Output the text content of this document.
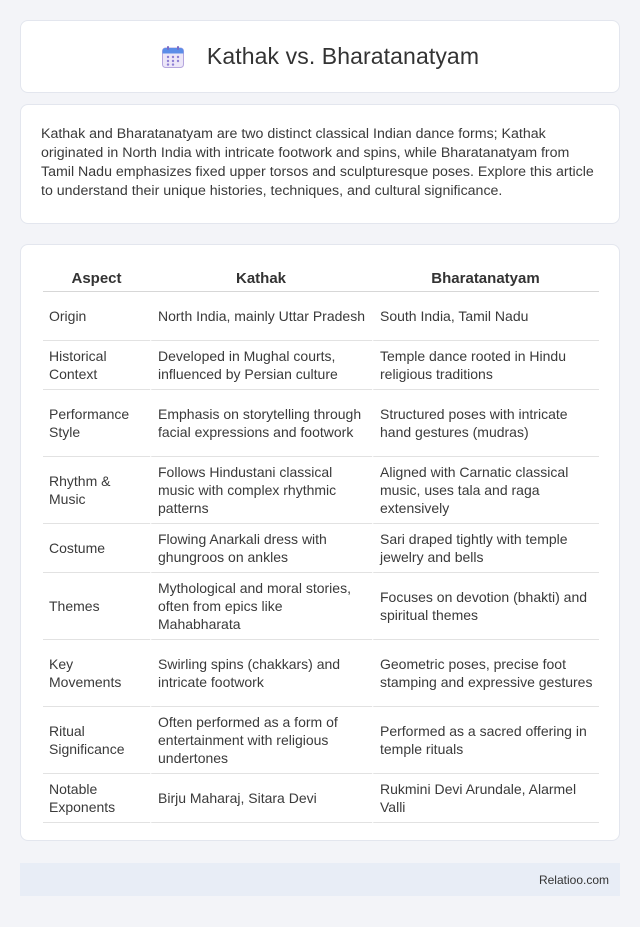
Kathak vs. Bharatanatyam

Kathak and Bharatanatyam are two distinct classical Indian dance forms; Kathak originated in North India with intricate footwork and spins, while Bharatanatyam from Tamil Nadu emphasizes fixed upper torsos and sculpturesque poses. Explore this article to understand their unique histories, techniques, and cultural significance.

Aspect	Kathak	Bharatanatyam
Origin	North India, mainly Uttar Pradesh	South India, Tamil Nadu
Historical Context	Developed in Mughal courts, influenced by Persian culture	Temple dance rooted in Hindu religious traditions
Performance Style	Emphasis on storytelling through facial expressions and footwork	Structured poses with intricate hand gestures (mudras)
Rhythm & Music	Follows Hindustani classical music with complex rhythmic patterns	Aligned with Carnatic classical music, uses tala and raga extensively
Costume	Flowing Anarkali dress with ghungroos on ankles	Sari draped tightly with temple jewelry and bells
Themes	Mythological and moral stories, often from epics like Mahabharata	Focuses on devotion (bhakti) and spiritual themes
Key Movements	Swirling spins (chakkars) and intricate footwork	Geometric poses, precise foot stamping and expressive gestures
Ritual Significance	Often performed as a form of entertainment with religious undertones	Performed as a sacred offering in temple rituals
Notable Exponents	Birju Maharaj, Sitara Devi	Rukmini Devi Arundale, Alarmel Valli
Relatioo.com
